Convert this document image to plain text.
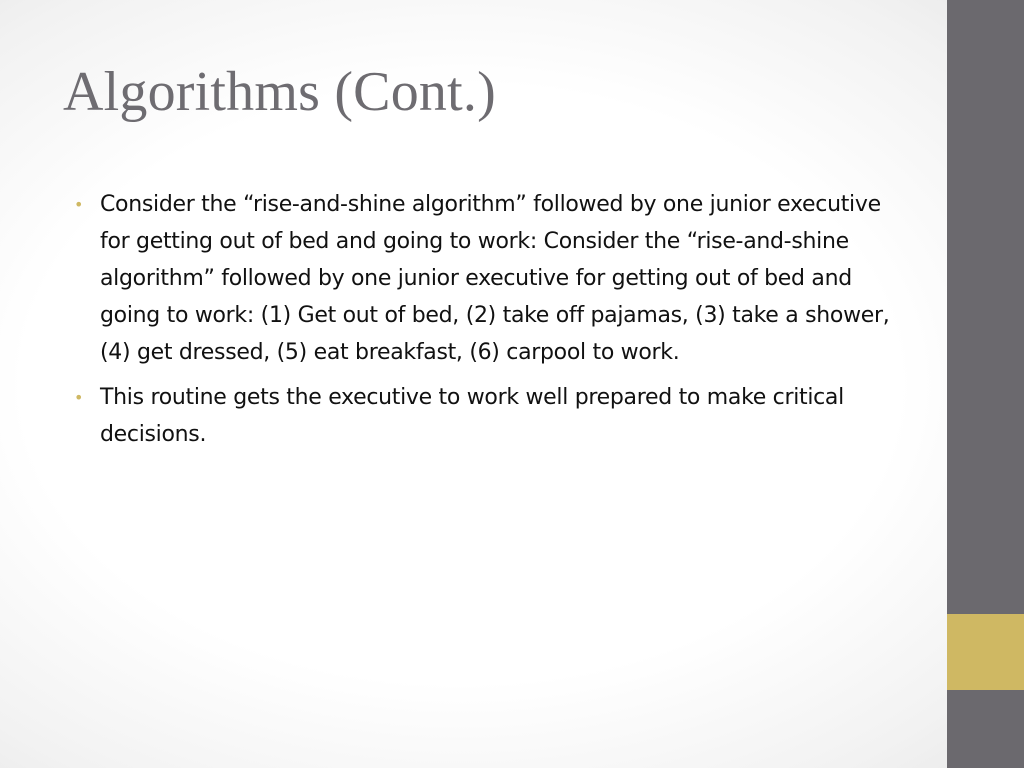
Algorithms (Cont.)
• Consider the “rise-and-shine algorithm” followed by one junior executive for getting out of bed and going to work: Consider the “rise-and-shine algorithm” followed by one junior executive for getting out of bed and going to work: (1) Get out of bed, (2) take off pajamas, (3) take a shower, (4) get dressed, (5) eat breakfast, (6) carpool to work.
• This routine gets the executive to work well prepared to make critical decisions.
